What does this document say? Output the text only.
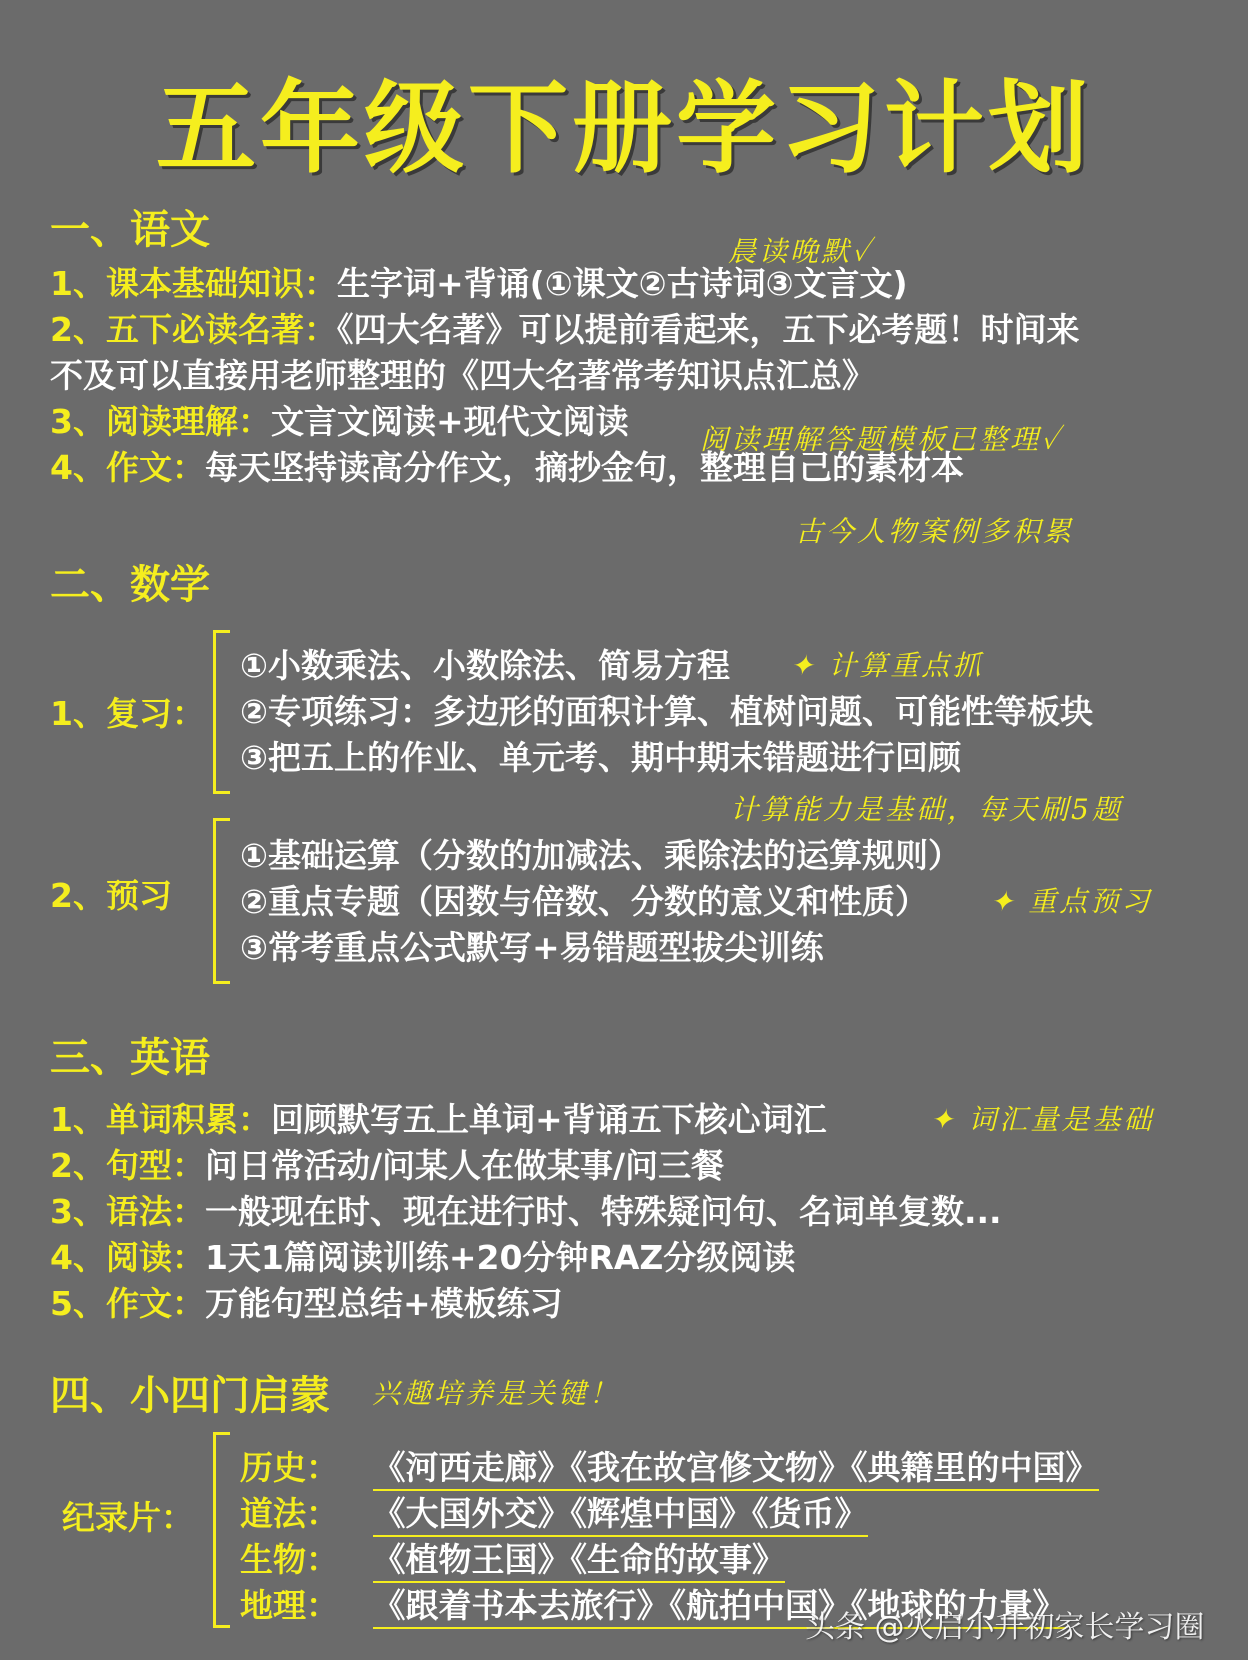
五年级下册学习计划
一、语文	晨读晚默✓
1、课本基础知识：生字词+背诵(①课文②古诗词③文言文)
2、五下必读名著：《四大名著》可以提前看起来，五下必考题！时间来
不及可以直接用老师整理的《四大名著常考知识点汇总》
3、阅读理解：文言文阅读+现代文阅读	阅读理解答题模板已整理✓
4、作文：每天坚持读高分作文，摘抄金句，整理自己的素材本
古今人物案例多积累
二、数学
1、复习：
①小数乘法、小数除法、简易方程 ✦ 计算重点抓
②专项练习：多边形的面积计算、植树问题、可能性等板块
③把五上的作业、单元考、期中期末错题进行回顾
计算能力是基础，每天刷5题
2、预习
①基础运算（分数的加减法、乘除法的运算规则）
②重点专题（因数与倍数、分数的意义和性质） ✦ 重点预习
③常考重点公式默写+易错题型拔尖训练
三、英语
1、单词积累：回顾默写五上单词+背诵五下核心词汇	✦ 词汇量是基础
2、句型：问日常活动/问某人在做某事/问三餐
3、语法：一般现在时、现在进行时、特殊疑问句、名词单复数...
4、阅读：1天1篇阅读训练+20分钟RAZ分级阅读
5、作文：万能句型总结+模板练习
四、小四门启蒙 兴趣培养是关键！
纪录片：
历史： 《河西走廊》《我在故宫修文物》《典籍里的中国》
道法： 《大国外交》《辉煌中国》《货币》
生物： 《植物王国》《生命的故事》
地理： 《跟着书本去旅行》《航拍中国》《地球的力量》
头条 @火启小升初家长学习圈
